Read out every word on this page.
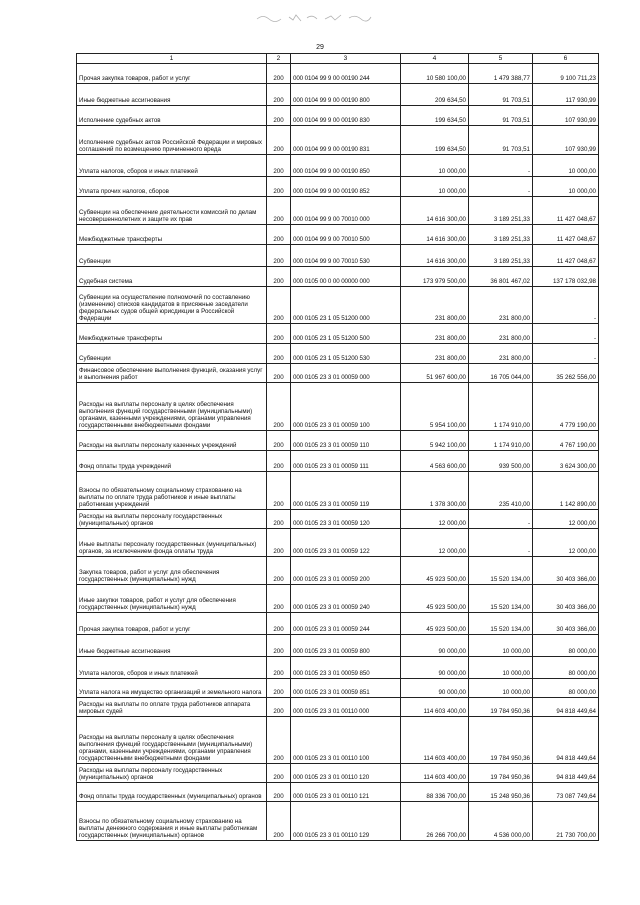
29
1	2	3	4	5	6
Прочая закупка товаров, работ и услуг	200	000 0104 99 9 00 00190 244	10 580 100,00	1 479 388,77	9 100 711,23
Иные бюджетные ассигнования	200	000 0104 99 9 00 00190 800	209 634,50	91 703,51	117 930,99
Исполнение судебных актов	200	000 0104 99 9 00 00190 830	199 634,50	91 703,51	107 930,99
Исполнение судебных актов Российской Федерации и мировых соглашений по возмещению причиненного вреда	200	000 0104 99 9 00 00190 831	199 634,50	91 703,51	107 930,99
Уплата налогов, сборов и иных платежей	200	000 0104 99 9 00 00190 850	10 000,00	-	10 000,00
Уплата прочих налогов, сборов	200	000 0104 99 9 00 00190 852	10 000,00	-	10 000,00
Субвенции на обеспечение деятельности комиссий по делам несовершеннолетних и защите их прав	200	000 0104 99 9 00 70010 000	14 616 300,00	3 189 251,33	11 427 048,67
Межбюджетные трансферты	200	000 0104 99 9 00 70010 500	14 616 300,00	3 189 251,33	11 427 048,67
Субвенции	200	000 0104 99 9 00 70010 530	14 616 300,00	3 189 251,33	11 427 048,67
Судебная система	200	000 0105 00 0 00 00000 000	173 979 500,00	36 801 467,02	137 178 032,98
Субвенции на осуществление полномочий по составлению (изменению) списков кандидатов в присяжные заседатели федеральных судов общей юрисдикции в Российской Федерации	200	000 0105 23 1 05 51200 000	231 800,00	231 800,00	-
Межбюджетные трансферты	200	000 0105 23 1 05 51200 500	231 800,00	231 800,00	-
Субвенции	200	000 0105 23 1 05 51200 530	231 800,00	231 800,00	-
Финансовое обеспечение выполнения функций, оказания услуг и выполнения работ	200	000 0105 23 3 01 00059 000	51 967 600,00	16 705 044,00	35 262 556,00
Расходы на выплаты персоналу в целях обеспечения выполнения функций государственными (муниципальными) органами, казенными учреждениями, органами управления государственными внебюджетными фондами	200	000 0105 23 3 01 00059 100	5 954 100,00	1 174 910,00	4 779 190,00
Расходы на выплаты персоналу казенных учреждений	200	000 0105 23 3 01 00059 110	5 942 100,00	1 174 910,00	4 767 190,00
Фонд оплаты труда учреждений	200	000 0105 23 3 01 00059 111	4 563 600,00	939 500,00	3 624 300,00
Взносы по обязательному социальному страхованию на выплаты по оплате труда работников и иные выплаты работникам учреждений	200	000 0105 23 3 01 00059 119	1 378 300,00	235 410,00	1 142 890,00
Расходы на выплаты персоналу государственных (муниципальных) органов	200	000 0105 23 3 01 00059 120	12 000,00	-	12 000,00
Иные выплаты персоналу государственных (муниципальных) органов, за исключением фонда оплаты труда	200	000 0105 23 3 01 00059 122	12 000,00	-	12 000,00
Закупка товаров, работ и услуг для обеспечения государственных (муниципальных) нужд	200	000 0105 23 3 01 00059 200	45 923 500,00	15 520 134,00	30 403 366,00
Иные закупки товаров, работ и услуг для обеспечения государственных (муниципальных) нужд	200	000 0105 23 3 01 00059 240	45 923 500,00	15 520 134,00	30 403 366,00
Прочая закупка товаров, работ и услуг	200	000 0105 23 3 01 00059 244	45 923 500,00	15 520 134,00	30 403 366,00
Иные бюджетные ассигнования	200	000 0105 23 3 01 00059 800	90 000,00	10 000,00	80 000,00
Уплата налогов, сборов и иных платежей	200	000 0105 23 3 01 00059 850	90 000,00	10 000,00	80 000,00
Уплата налога на имущество организаций и земельного налога	200	000 0105 23 3 01 00059 851	90 000,00	10 000,00	80 000,00
Расходы на выплаты по оплате труда работников аппарата мировых судей	200	000 0105 23 3 01 00110 000	114 603 400,00	19 784 950,36	94 818 449,64
Расходы на выплаты персоналу в целях обеспечения выполнения функций государственными (муниципальными) органами, казенными учреждениями, органами управления государственными внебюджетными фондами	200	000 0105 23 3 01 00110 100	114 603 400,00	19 784 950,36	94 818 449,64
Расходы на выплаты персоналу государственных (муниципальных) органов	200	000 0105 23 3 01 00110 120	114 603 400,00	19 784 950,36	94 818 449,64
Фонд оплаты труда государственных (муниципальных) органов	200	000 0105 23 3 01 00110 121	88 336 700,00	15 248 950,36	73 087 749,64
Взносы по обязательному социальному страхованию на выплаты денежного содержания и иные выплаты работникам государственных (муниципальных) органов	200	000 0105 23 3 01 00110 129	26 266 700,00	4 536 000,00	21 730 700,00
